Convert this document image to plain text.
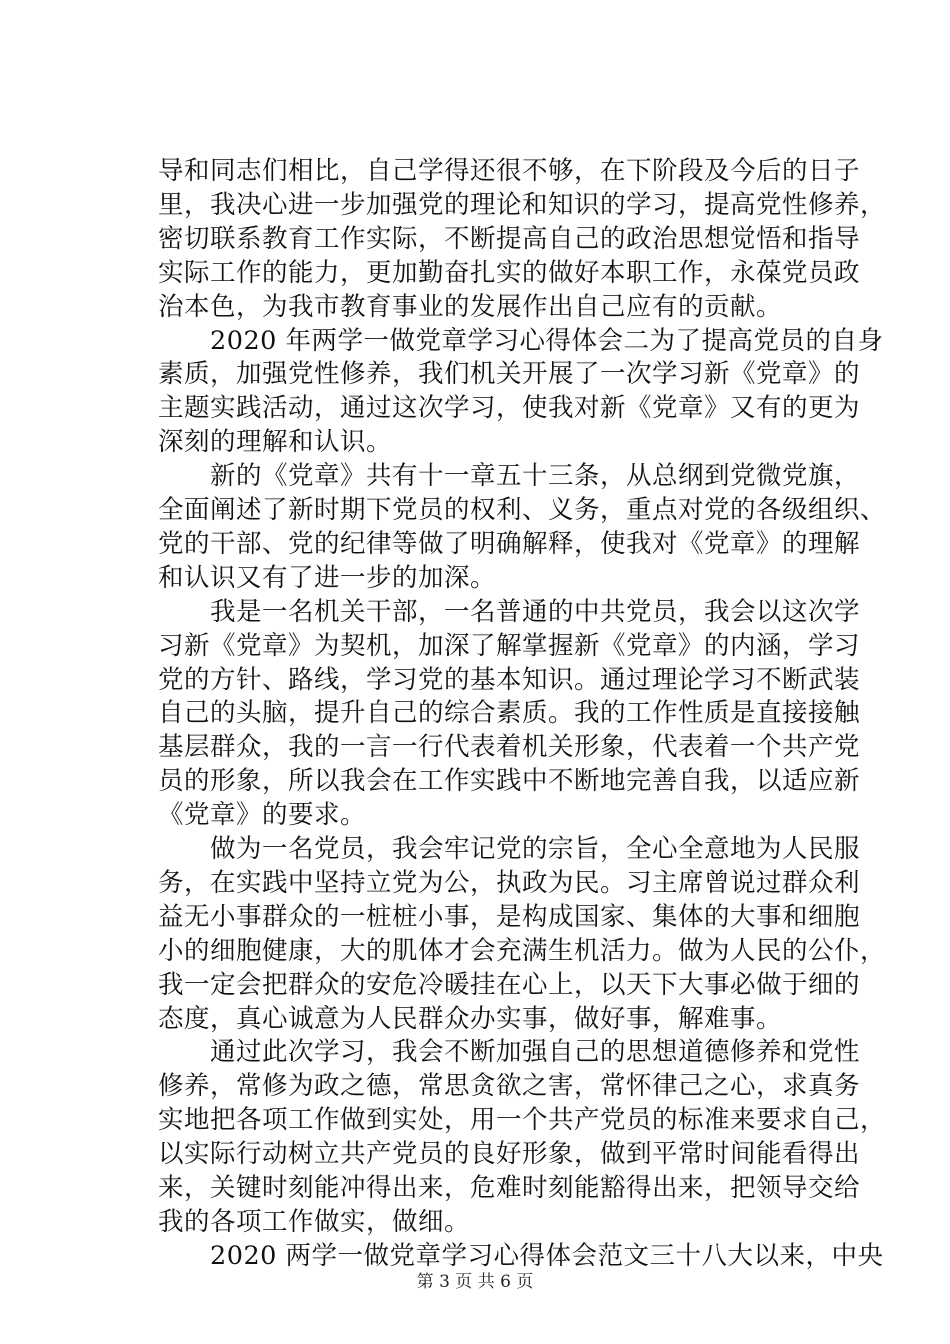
导和同志们相比，自己学得还很不够，在下阶段及今后的日子
里，我决心进一步加强党的理论和知识的学习，提高党性修养，
密切联系教育工作实际，不断提高自己的政治思想觉悟和指导
实际工作的能力，更加勤奋扎实的做好本职工作，永葆党员政
治本色，为我市教育事业的发展作出自己应有的贡献。
2020 年两学一做党章学习心得体会二为了提高党员的自身
素质，加强党性修养，我们机关开展了一次学习新《党章》的
主题实践活动，通过这次学习，使我对新《党章》又有的更为
深刻的理解和认识。
新的《党章》共有十一章五十三条，从总纲到党微党旗，
全面阐述了新时期下党员的权利、义务，重点对党的各级组织、
党的干部、党的纪律等做了明确解释，使我对《党章》的理解
和认识又有了进一步的加深。
我是一名机关干部，一名普通的中共党员，我会以这次学
习新《党章》为契机，加深了解掌握新《党章》的内涵，学习
党的方针、路线，学习党的基本知识。通过理论学习不断武装
自己的头脑，提升自己的综合素质。我的工作性质是直接接触
基层群众，我的一言一行代表着机关形象，代表着一个共产党
员的形象，所以我会在工作实践中不断地完善自我，以适应新
《党章》的要求。
做为一名党员，我会牢记党的宗旨，全心全意地为人民服
务，在实践中坚持立党为公，执政为民。习主席曾说过群众利
益无小事群众的一桩桩小事，是构成国家、集体的大事和细胞
小的细胞健康，大的肌体才会充满生机活力。做为人民的公仆，
我一定会把群众的安危冷暖挂在心上，以天下大事必做于细的
态度，真心诚意为人民群众办实事，做好事，解难事。
通过此次学习，我会不断加强自己的思想道德修养和党性
修养，常修为政之德，常思贪欲之害，常怀律己之心，求真务
实地把各项工作做到实处，用一个共产党员的标准来要求自己，
以实际行动树立共产党员的良好形象，做到平常时间能看得出
来，关键时刻能冲得出来，危难时刻能豁得出来，把领导交给
我的各项工作做实，做细。
2020 两学一做党章学习心得体会范文三十八大以来，中央
第 3 页 共 6 页
